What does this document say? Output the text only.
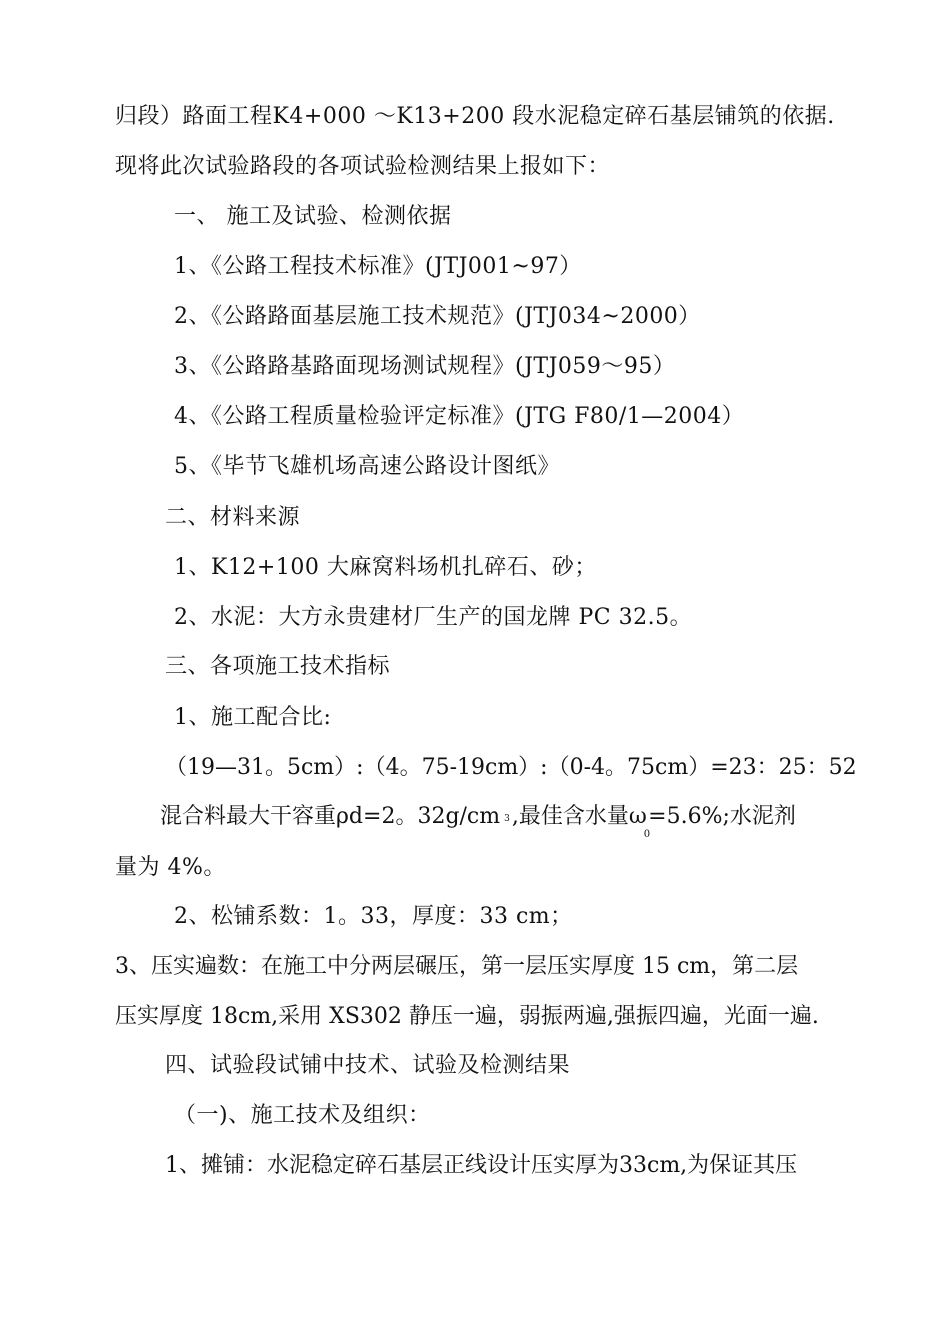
归段）路面工程K4+000 ～K13+200 段水泥稳定碎石基层铺筑的依据.
现将此次试验路段的各项试验检测结果上报如下：
一、 施工及试验、检测依据
1、《公路工程技术标准》(JTJ001~97）
2、《公路路面基层施工技术规范》(JTJ034~2000）
3、《公路路基路面现场测试规程》(JTJ059～95）
4、《公路工程质量检验评定标准》(JTG F80/1—2004）
5、《毕节飞雄机场高速公路设计图纸》
二、材料来源
1、K12+100 大麻窝料场机扎碎石、砂；
2、水泥：大方永贵建材厂生产的国龙牌 PC 32.5。
三、各项施工技术指标
1、施工配合比:
（19—31。5cm）:（4。75-19cm）:（0-4。75cm）=23：25：52
混合料最大干容重ρd=2。32g/cm 3,最佳含水量$\omega_0=5.6\%$;水泥剂
量为 4%。
2、松铺系数：1。33，厚度：33 cm；
3、压实遍数：在施工中分两层碾压，第一层压实厚度 15 cm，第二层
压实厚度 18cm,采用 XS302 静压一遍，弱振两遍,强振四遍，光面一遍.
四、试验段试铺中技术、试验及检测结果
（一)、施工技术及组织：
1、摊铺：水泥稳定碎石基层正线设计压实厚为33cm,为保证其压
